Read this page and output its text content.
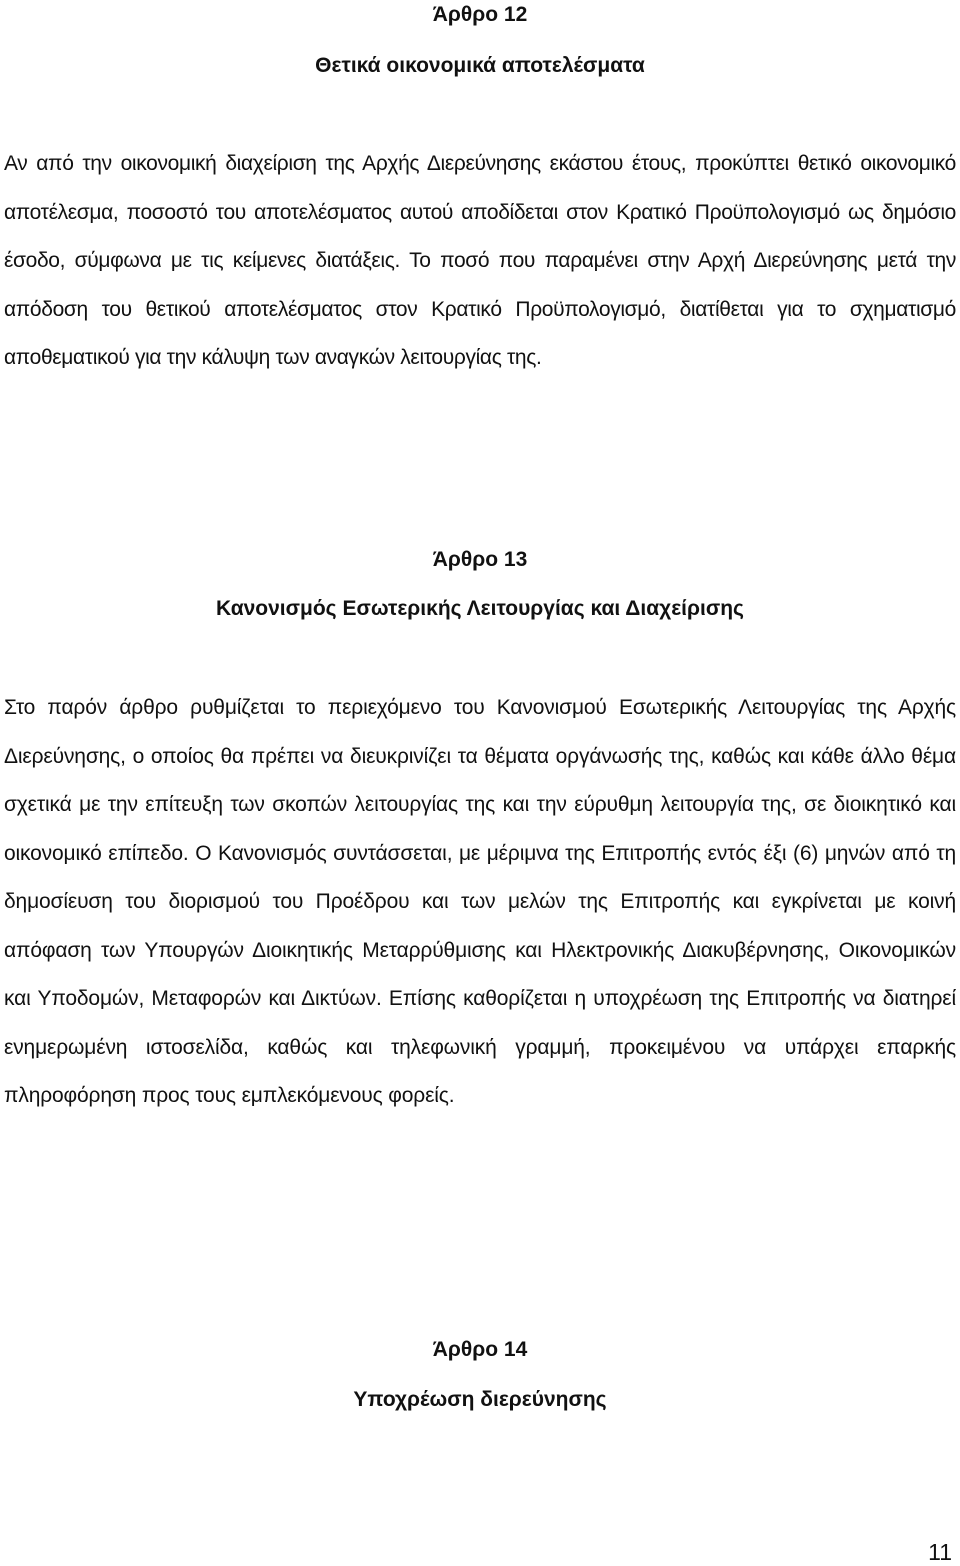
Άρθρο 12
Θετικά οικονομικά αποτελέσματα
Αν από την οικονομική διαχείριση της Αρχής Διερεύνησης εκάστου έτους, προκύπτει θετικό οικονομικό αποτέλεσμα, ποσοστό του αποτελέσματος αυτού αποδίδεται στον Κρατικό Προϋπολογισμό ως δημόσιο έσοδο, σύμφωνα με τις κείμενες διατάξεις. Το ποσό που παραμένει στην Αρχή Διερεύνησης μετά την απόδοση του θετικού αποτελέσματος στον Κρατικό Προϋπολογισμό, διατίθεται για το σχηματισμό αποθεματικού για την κάλυψη των αναγκών λειτουργίας της.
Άρθρο 13
Κανονισμός Εσωτερικής Λειτουργίας και Διαχείρισης
Στο παρόν άρθρο ρυθμίζεται το περιεχόμενο του Κανονισμού Εσωτερικής Λειτουργίας της Αρχής Διερεύνησης, ο οποίος θα πρέπει να διευκρινίζει τα θέματα οργάνωσής της, καθώς και κάθε άλλο θέμα σχετικά με την επίτευξη των σκοπών λειτουργίας της και την εύρυθμη λειτουργία της, σε διοικητικό και οικονομικό επίπεδο. Ο Κανονισμός συντάσσεται, με μέριμνα της Επιτροπής εντός έξι (6) μηνών από τη δημοσίευση του διορισμού του Προέδρου και των μελών της Επιτροπής και εγκρίνεται με κοινή απόφαση των Υπουργών Διοικητικής Μεταρρύθμισης και Ηλεκτρονικής Διακυβέρνησης, Οικονομικών και Υποδομών, Μεταφορών και Δικτύων. Επίσης καθορίζεται η υποχρέωση της Επιτροπής να διατηρεί ενημερωμένη ιστοσελίδα, καθώς και τηλεφωνική γραμμή, προκειμένου να υπάρχει επαρκής πληροφόρηση προς τους εμπλεκόμενους φορείς.
Άρθρο 14
Υποχρέωση διερεύνησης
11
